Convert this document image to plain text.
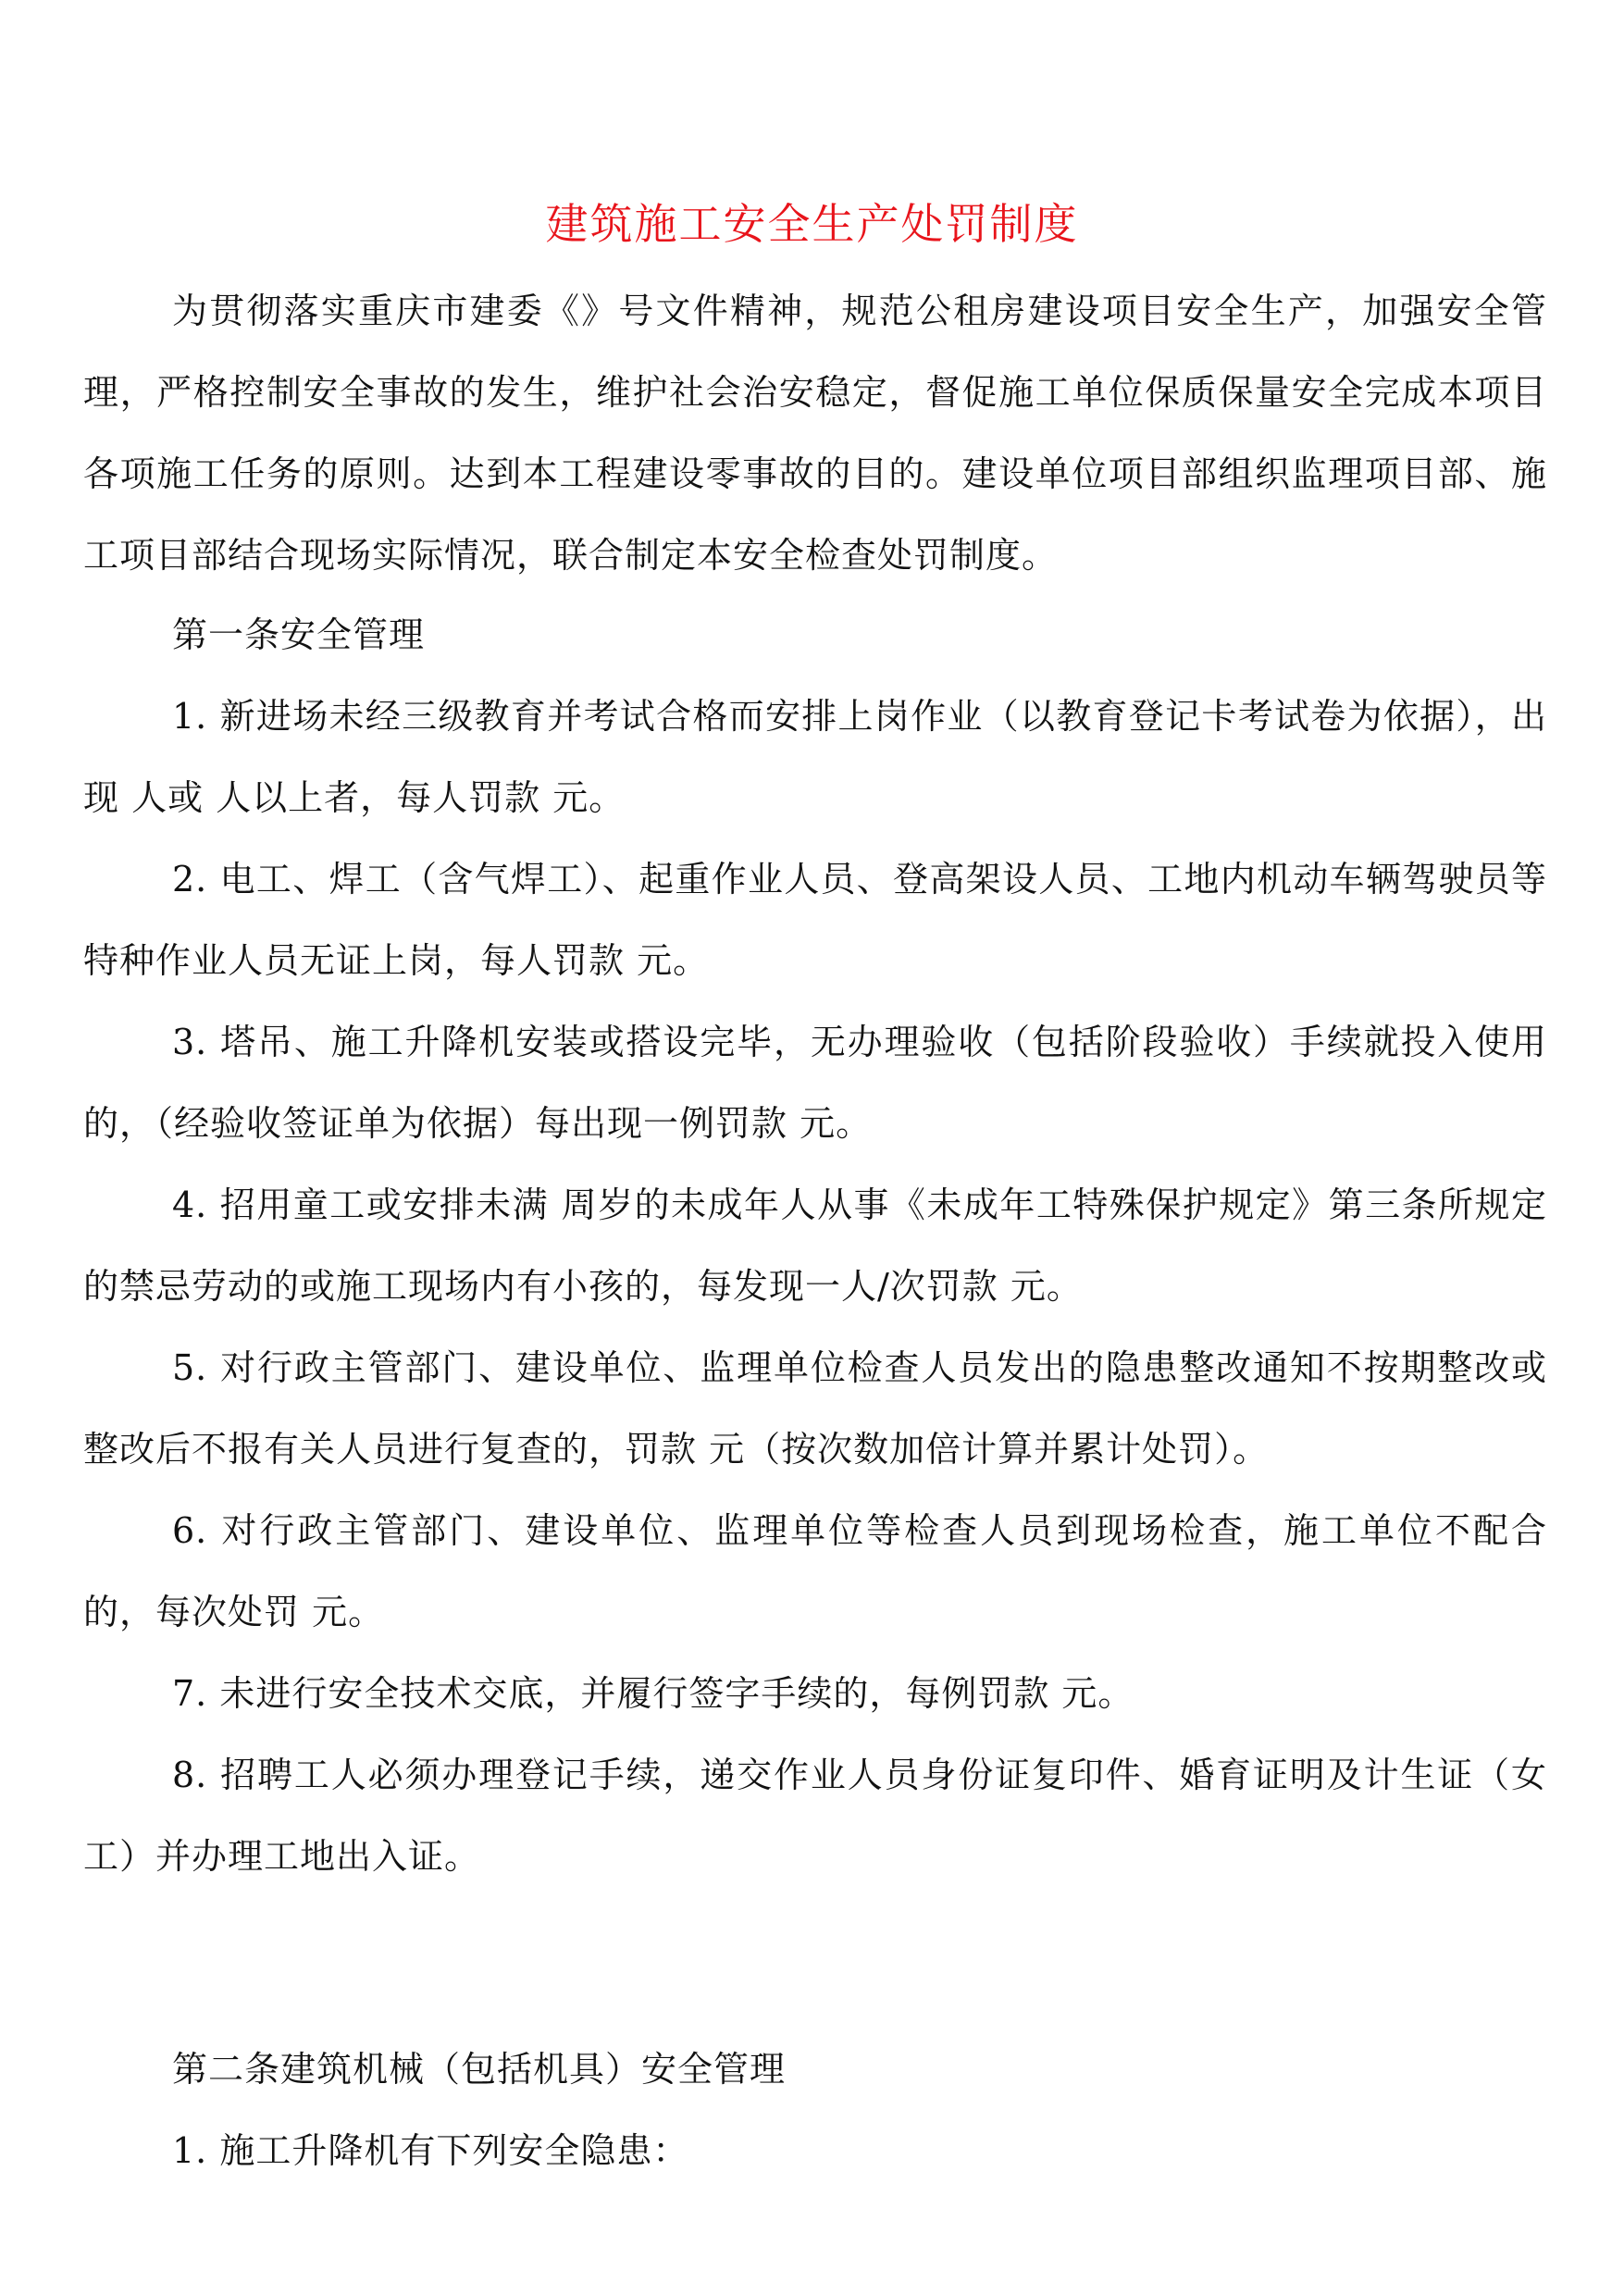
建筑施工安全生产处罚制度

为贯彻落实重庆市建委《》号文件精神，规范公租房建设项目安全生产，加强安全管理，严格控制安全事故的发生，维护社会治安稳定，督促施工单位保质保量安全完成本项目各项施工任务的原则。达到本工程建设零事故的目的。建设单位项目部组织监理项目部、施工项目部结合现场实际情况，联合制定本安全检查处罚制度。

第一条安全管理

1. 新进场未经三级教育并考试合格而安排上岗作业（以教育登记卡考试卷为依据），出现 人或 人以上者，每人罚款 元。

2. 电工、焊工（含气焊工）、起重作业人员、登高架设人员、工地内机动车辆驾驶员等特种作业人员无证上岗，每人罚款 元。

3. 塔吊、施工升降机安装或搭设完毕，无办理验收（包括阶段验收）手续就投入使用的，（经验收签证单为依据）每出现一例罚款 元。

4. 招用童工或安排未满 周岁的未成年人从事《未成年工特殊保护规定》第三条所规定的禁忌劳动的或施工现场内有小孩的，每发现一人/次罚款 元。

5. 对行政主管部门、建设单位、监理单位检查人员发出的隐患整改通知不按期整改或整改后不报有关人员进行复查的，罚款 元（按次数加倍计算并累计处罚）。

6. 对行政主管部门、建设单位、监理单位等检查人员到现场检查，施工单位不配合的，每次处罚 元。

7. 未进行安全技术交底，并履行签字手续的，每例罚款 元。

8. 招聘工人必须办理登记手续，递交作业人员身份证复印件、婚育证明及计生证（女工）并办理工地出入证。

第二条建筑机械（包括机具）安全管理

1. 施工升降机有下列安全隐患：
